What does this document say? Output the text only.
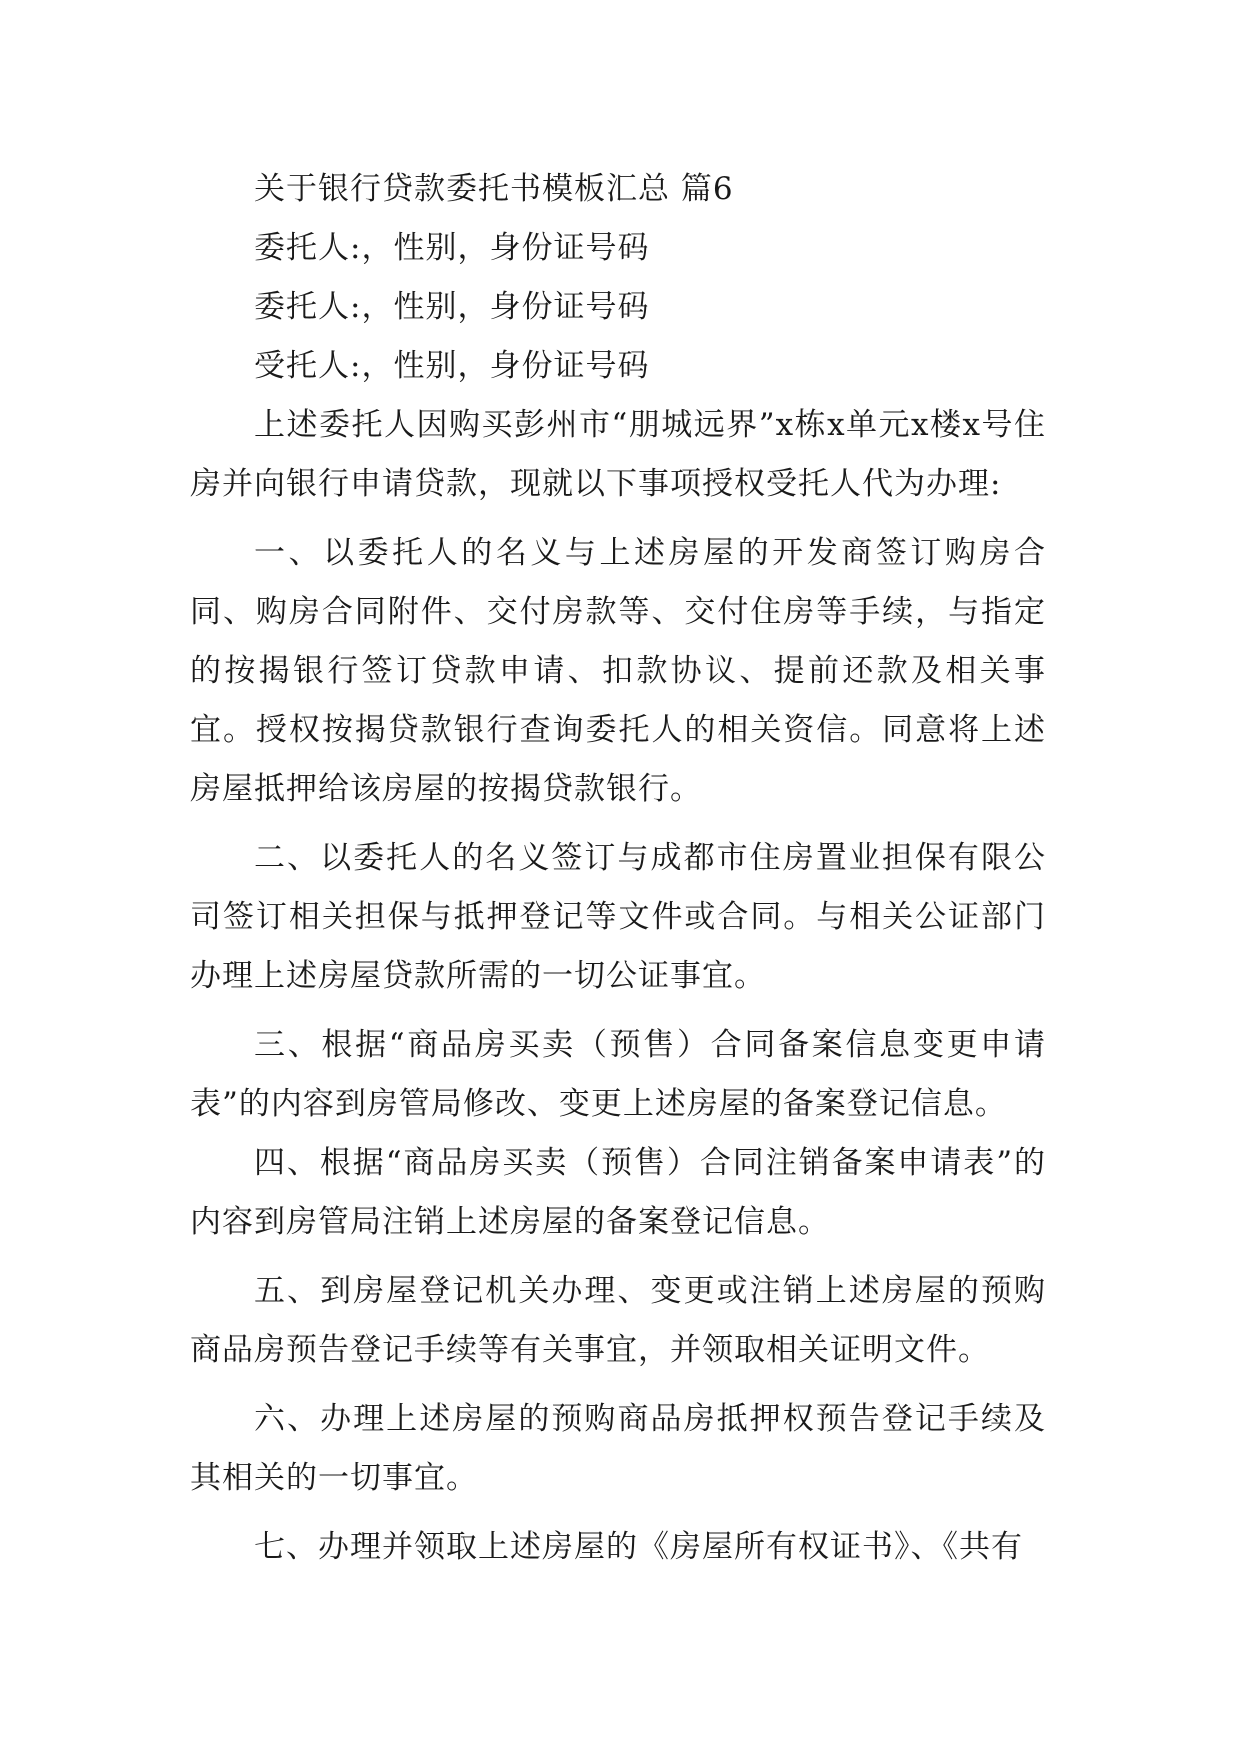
关于银行贷款委托书模板汇总 篇6

委托人:，性别，身份证号码

委托人:，性别，身份证号码

受托人:，性别，身份证号码

上述委托人因购买彭州市“朋城远界”x栋x单元x楼x号住房并向银行申请贷款，现就以下事项授权受托人代为办理:

一、以委托人的名义与上述房屋的开发商签订购房合同、购房合同附件、交付房款等、交付住房等手续，与指定的按揭银行签订贷款申请、扣款协议、提前还款及相关事宜。授权按揭贷款银行查询委托人的相关资信。同意将上述房屋抵押给该房屋的按揭贷款银行。

二、以委托人的名义签订与成都市住房置业担保有限公司签订相关担保与抵押登记等文件或合同。与相关公证部门办理上述房屋贷款所需的一切公证事宜。

三、根据“商品房买卖（预售）合同备案信息变更申请表”的内容到房管局修改、变更上述房屋的备案登记信息。

四、根据“商品房买卖（预售）合同注销备案申请表”的内容到房管局注销上述房屋的备案登记信息。

五、到房屋登记机关办理、变更或注销上述房屋的预购商品房预告登记手续等有关事宜，并领取相关证明文件。

六、办理上述房屋的预购商品房抵押权预告登记手续及其相关的一切事宜。

七、办理并领取上述房屋的《房屋所有权证书》、《共有
